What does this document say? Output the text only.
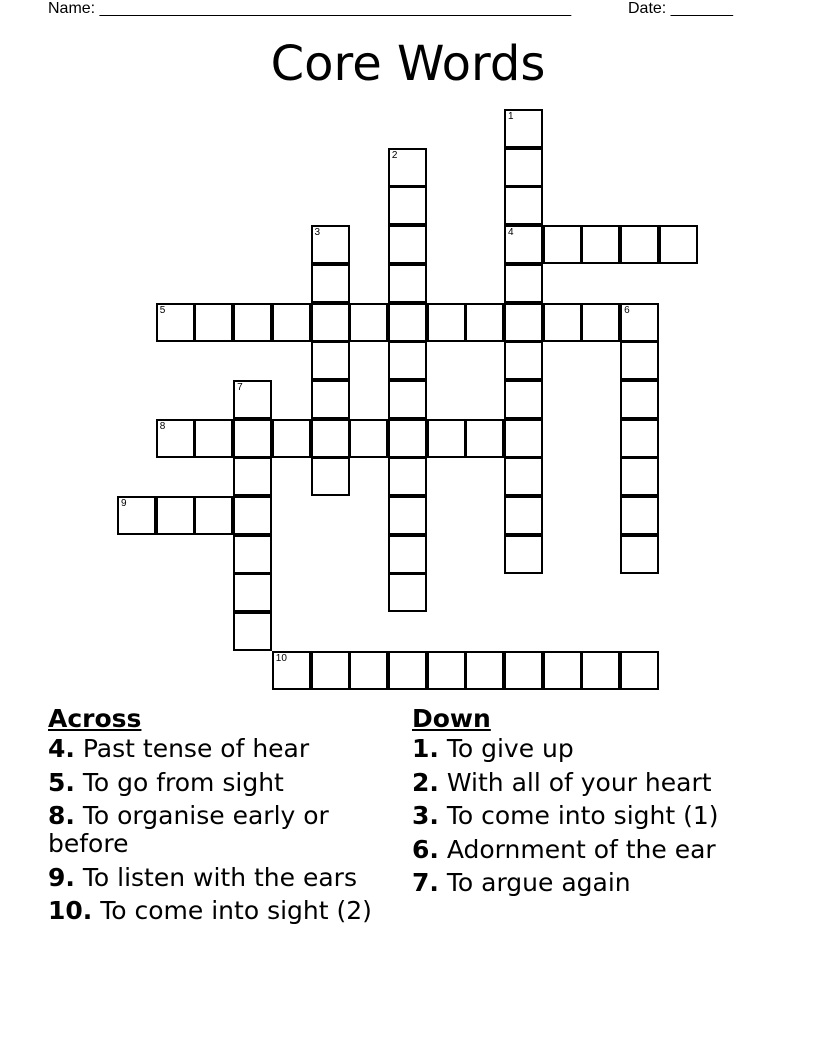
Name: _____________________________________________________	Date: _______
Core Words
1
4
2
3
5	6
7
8
9
10
Across

4. Past tense of hear

5. To go from sight

8. To organise early or before

9. To listen with the ears

10. To come into sight (2)

Down

1. To give up

2. With all of your heart

3. To come into sight (1)

6. Adornment of the ear

7. To argue again
